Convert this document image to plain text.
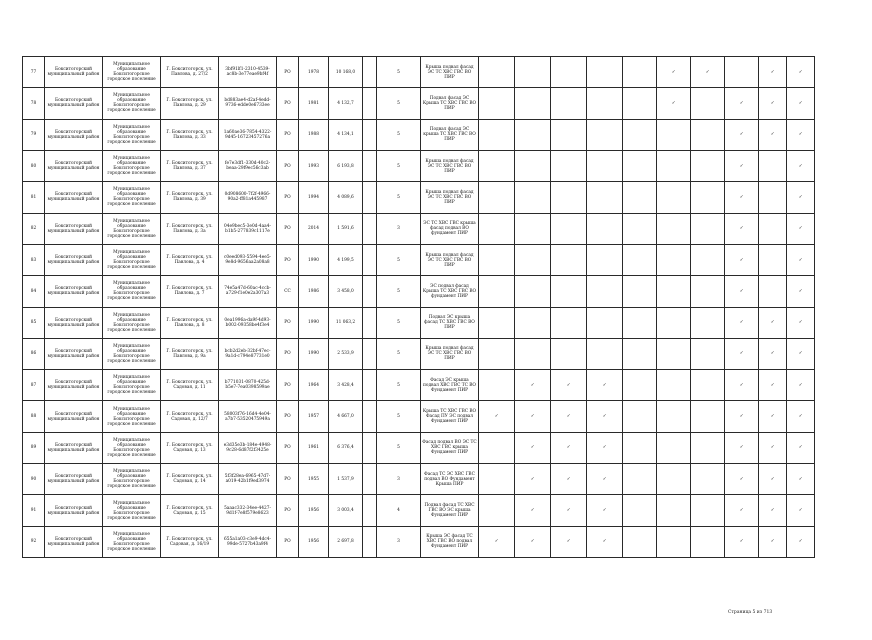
77	Бокситогорский муниципальный район	Муниципальное образование Бокситогорское городское поселение	Г. Бокситогорск, ул. Павлова, д. 27/2	3bf91lf1-2310-4539-ac8b-3e77eae9bf4f	РО	1978	10 168,0		5	Крыша подвал фасад ЭС ТС ХВС ГВС ВО ПИР						✓	✓		✓	✓
78	Бокситогорский муниципальный район	Муниципальное образование Бокситогорское городское поселение	Г. Бокситогорск, ул. Павлова, д. 29	bd883ae4-d2af-4edd-9736-edde0e6733ee	РО	1981	4 132,7		5	Подвал фасад ЭС Крыша ТС ХВС ГВС ВО ПИР						✓		✓	✓	✓
79	Бокситогорский муниципальный район	Муниципальное образование Бокситогорское городское поселение	Г. Бокситогорск, ул. Павлова, д. 33	1a60ae36-7854-4322-9d45-16723457276a	РО	1988	4 134,1		5	Подвал фасад ЭС крыша ТС ХВС ГВС ВО ПИР								✓	✓	✓
80	Бокситогорский муниципальный район	Муниципальное образование Бокситогорское городское поселение	Г. Бокситогорск, ул. Павлова, д. 37	fe7e3df1-330d-40c2-beaa-29f9ec56c3ab	РО	1993	6 193,8		5	Крыша подвал фасад ЭС ТС ХВС ГВС ВО ПИР								✓		✓
81	Бокситогорский муниципальный район	Муниципальное образование Бокситогорское городское поселение	Г. Бокситогорск, ул. Павлова, д. 39	0d908600-7f2f-4966-90a2-ff81a445987	РО	1994	4 089,6		5	Крыша подвал фасад ЭС ТС ХВС ГВС ВО ПИР								✓		✓
82	Бокситогорский муниципальный район	Муниципальное образование Бокситогорское городское поселение	Г. Бокситогорск, ул. Павлова, д. 3а	04e9bec5-3e0d-4aa4-b1b5-277839c1117e	РО	2014	1 591,6		3	ЭС ТС ХВС ГВС крыша фасад подвал ВО фундамент ПИР								✓		✓
83	Бокситогорский муниципальный район	Муниципальное образование Бокситогорское городское поселение	Г. Бокситогорск, ул. Павлова, д. 4	c0eed093-5594-4ee5-9e8d-9656aa2a08a8	РО	1990	4 199,5		5	Крыша подвал фасад ЭС ТС ХВС ГВС ВО ПИР								✓		✓
84	Бокситогорский муниципальный район	Муниципальное образование Бокситогорское городское поселение	Г. Бокситогорск, ул. Павлова, д. 7	74e5a47d-60ac-4ccb-a729-f1e0e2a307a3	СС	1986	3 458,0		5	ЭС подвал фасад Крыша ТС ХВС ГВС ВО фундамент ПИР								✓		✓
85	Бокситогорский муниципальный район	Муниципальное образование Бокситогорское городское поселение	Г. Бокситогорск, ул. Павлова, д. 8	0ea1996a-da9f-4d93-b002-09358be4f3e4	РО	1990	11 063,2		5	Подвал ЭС крыша фасад ТС ХВС ГВС ВО ПИР								✓	✓	✓
86	Бокситогорский муниципальный район	Муниципальное образование Бокситогорское городское поселение	Г. Бокситогорск, ул. Павлова, д. 9а	bcb2d2eb-32bf-47ec-9a1d-c794e87731e0	РО	1990	2 533,9		5	Крыша подвал фасад ЭС ТС ХВС ГВС ВО ПИР								✓	✓	✓
87	Бокситогорский муниципальный район	Муниципальное образование Бокситогорское городское поселение	Г. Бокситогорск, ул. Садовая, д. 11	b771031-0870-425d-b5e7-7ea0398599ae	РО	1964	3 428,4		5	Фасад ЭС крыша подвал ХВС ГВС ТС ВО Фундамент ПИР		✓	✓	✓				✓	✓	✓
88	Бокситогорский муниципальный район	Муниципальное образование Бокситогорское городское поселение	Г. Бокситогорск, ул. Садовая, д. 12/7	58003f76-16d4-4e04-a7b7-53520475949a	РО	1957	4 667,0		5	Крыша ТС ХВС ГВС ВО Фасад ПУ ЭС подвал Фундамент ПИР	✓	✓	✓	✓				✓	✓	✓
89	Бокситогорский муниципальный район	Муниципальное образование Бокситогорское городское поселение	Г. Бокситогорск, ул. Садовая, д. 13	e3d35e3b-184e-4948-9c28-6d87f2f3425e	РО	1961	6 376,4		5	Фасад подвал ВО ЭС ТС ХВС ГВС крыша Фундамент ПИР		✓	✓	✓				✓	✓	✓
90	Бокситогорский муниципальный район	Муниципальное образование Бокситогорское городское поселение	Г. Бокситогорск, ул. Садовая, д. 14	5f3f28ea-6965-47d7-a019-42b1f9ed3974	РО	1955	1 537,9		3	Фасад ТС ЭС ХВС ГВС подвал ВО Фундамент Крыша ПИР		✓	✓	✓				✓	✓	✓
91	Бокситогорский муниципальный район	Муниципальное образование Бокситогорское городское поселение	Г. Бокситогорск, ул. Садовая, д. 15	5aaac332-34ee-4427-9d1f-7e8f579e8623	РО	1956	3 003,4		4	Подвал фасад ТС ХВС ГВС ВО ЭС крыша Фундамент ПИР		✓	✓	✓				✓	✓	✓
92	Бокситогорский муниципальный район	Муниципальное образование Бокситогорское городское поселение	Г. Бокситогорск, ул. Садовая, д. 16/19	655a1a03-c3e9-4dc4-99de-5727b43a9f4	РО	1956	2 697,8		3	Крыша ЭС фасад ТС ХВС ГВС ВО подвал Фундамент ПИР	✓	✓	✓	✓				✓	✓	✓
Страница 5 из 713
